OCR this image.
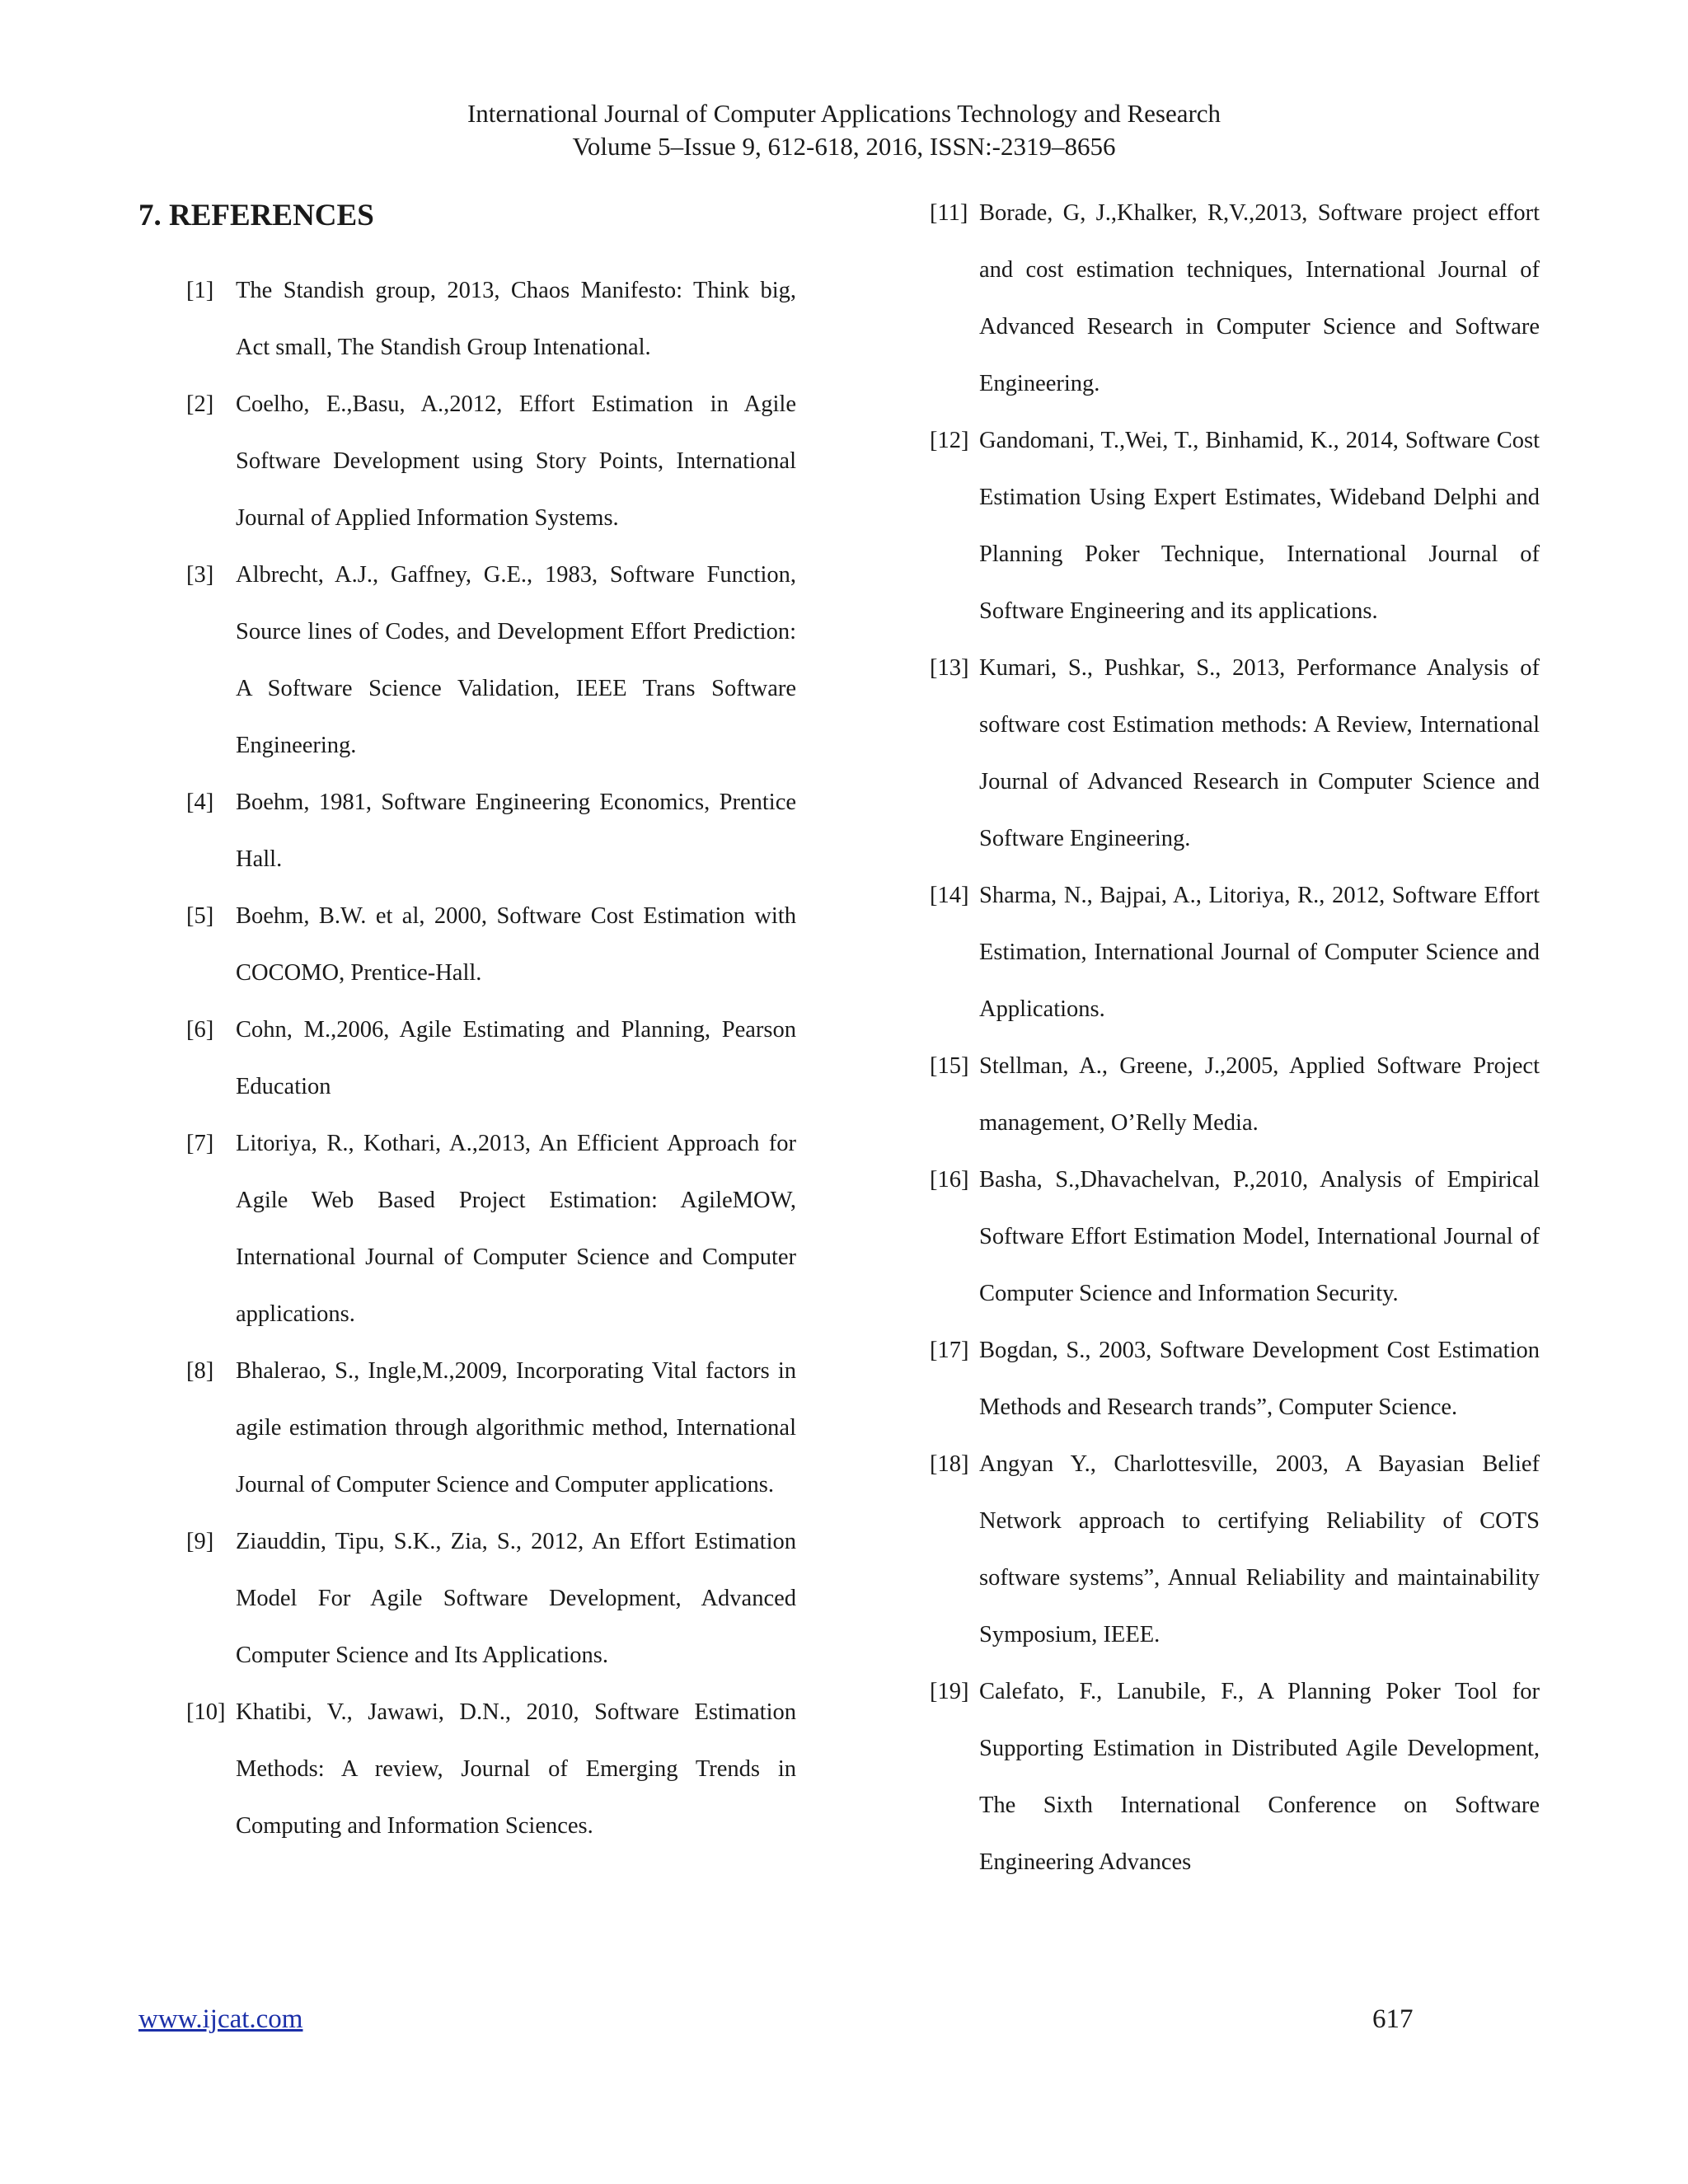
International Journal of Computer Applications Technology and Research
Volume 5–Issue 9, 612-618, 2016, ISSN:-2319–8656
7. REFERENCES
[1] The Standish group, 2013, Chaos Manifesto: Think big, Act small, The Standish Group Intenational.
[2] Coelho, E.,Basu, A.,2012, Effort Estimation in Agile Software Development using Story Points, International Journal of Applied Information Systems.
[3] Albrecht, A.J., Gaffney, G.E., 1983, Software Function, Source lines of Codes, and Development Effort Prediction: A Software Science Validation, IEEE Trans Software Engineering.
[4] Boehm, 1981, Software Engineering Economics, Prentice Hall.
[5] Boehm, B.W. et al, 2000, Software Cost Estimation with COCOMO, Prentice-Hall.
[6] Cohn, M.,2006, Agile Estimating and Planning, Pearson Education
[7] Litoriya, R., Kothari, A.,2013, An Efficient Approach for Agile Web Based Project Estimation: AgileMOW, International Journal of Computer Science and Computer applications.
[8] Bhalerao, S., Ingle,M.,2009, Incorporating Vital factors in agile estimation through algorithmic method, International Journal of Computer Science and Computer applications.
[9] Ziauddin, Tipu, S.K., Zia, S., 2012, An Effort Estimation Model For Agile Software Development, Advanced Computer Science and Its Applications.
[10] Khatibi, V., Jawawi, D.N., 2010, Software Estimation Methods: A review, Journal of Emerging Trends in Computing and Information Sciences.
[11] Borade, G, J.,Khalker, R,V.,2013, Software project effort and cost estimation techniques, International Journal of Advanced Research in Computer Science and Software Engineering.
[12] Gandomani, T.,Wei, T., Binhamid, K., 2014, Software Cost Estimation Using Expert Estimates, Wideband Delphi and Planning Poker Technique, International Journal of Software Engineering and its applications.
[13] Kumari, S., Pushkar, S., 2013, Performance Analysis of software cost Estimation methods: A Review, International Journal of Advanced Research in Computer Science and Software Engineering.
[14] Sharma, N., Bajpai, A., Litoriya, R., 2012, Software Effort Estimation, International Journal of Computer Science and Applications.
[15] Stellman, A., Greene, J.,2005, Applied Software Project management, O’Relly Media.
[16] Basha, S.,Dhavachelvan, P.,2010, Analysis of Empirical Software Effort Estimation Model, International Journal of Computer Science and Information Security.
[17] Bogdan, S., 2003, Software Development Cost Estimation Methods and Research trands”, Computer Science.
[18] Angyan Y., Charlottesville, 2003, A Bayasian Belief Network approach to certifying Reliability of COTS software systems”, Annual Reliability and maintainability Symposium, IEEE.
[19] Calefato, F., Lanubile, F., A Planning Poker Tool for Supporting Estimation in Distributed Agile Development, The Sixth International Conference on Software Engineering Advances
www.ijcat.com	617
